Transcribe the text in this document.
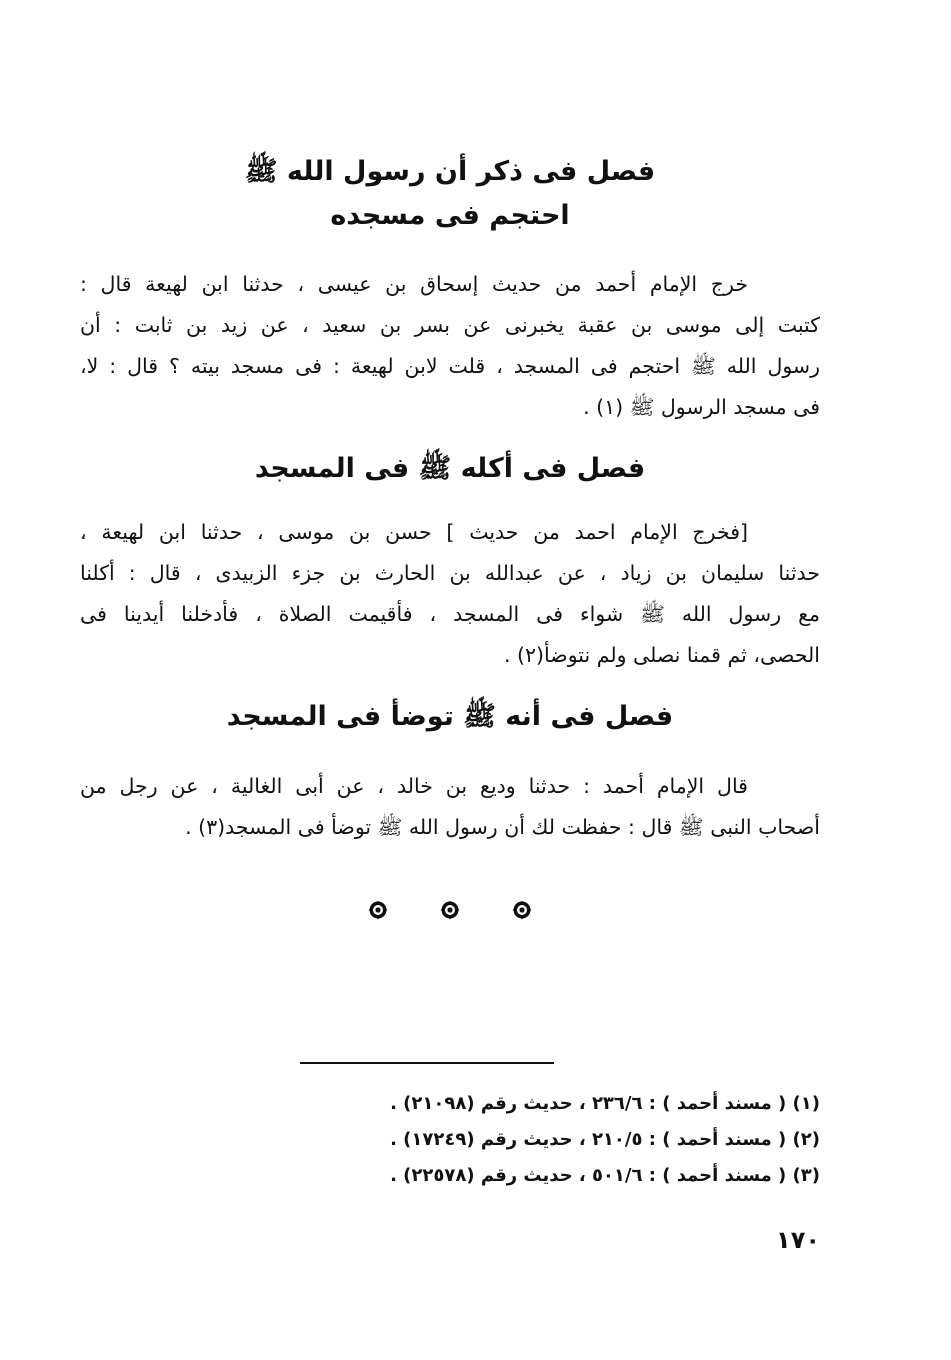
فصل فى ذكر أن رسول الله ﷺ
احتجم فى مسجده

خرج الإمام أحمد من حديث إسحاق بن عيسى ، حدثنا ابن لهيعة قال :
كتبت إلى موسى بن عقبة يخبرنى عن بسر بن سعيد ، عن زيد بن ثابت : أن
رسول الله ﷺ احتجم فى المسجد ، قلت لابن لهيعة : فى مسجد بيته ؟ قال : لا،
فى مسجد الرسول ﷺ (١) .

فصل فى أكله ﷺ فى المسجد

[فخرج الإمام احمد من حديث ] حسن بن موسى ، حدثنا ابن لهيعة ،
حدثنا سليمان بن زياد ، عن عبدالله بن الحارث بن جزء الزبيدى ، قال : أكلنا
مع رسول الله ﷺ شواء فى المسجد ، فأقيمت الصلاة ، فأدخلنا أيدينا فى
الحصى، ثم قمنا نصلى ولم نتوضأ(٢) .

فصل فى أنه ﷺ توضأ فى المسجد

قال الإمام أحمد : حدثنا وديع بن خالد ، عن أبى الغالية ، عن رجل من
أصحاب النبى ﷺ قال : حفظت لك أن رسول الله ﷺ توضأ فى المسجد(٣) .

(١) ( مسند أحمد ) : ٢٣٦/٦ ، حديث رقم (٢١٠٩٨) .
(٢) ( مسند أحمد ) : ٢١٠/٥ ، حديث رقم (١٧٢٤٩) .
(٣) ( مسند أحمد ) : ٥٠١/٦ ، حديث رقم (٢٢٥٧٨) .
١٧٠
